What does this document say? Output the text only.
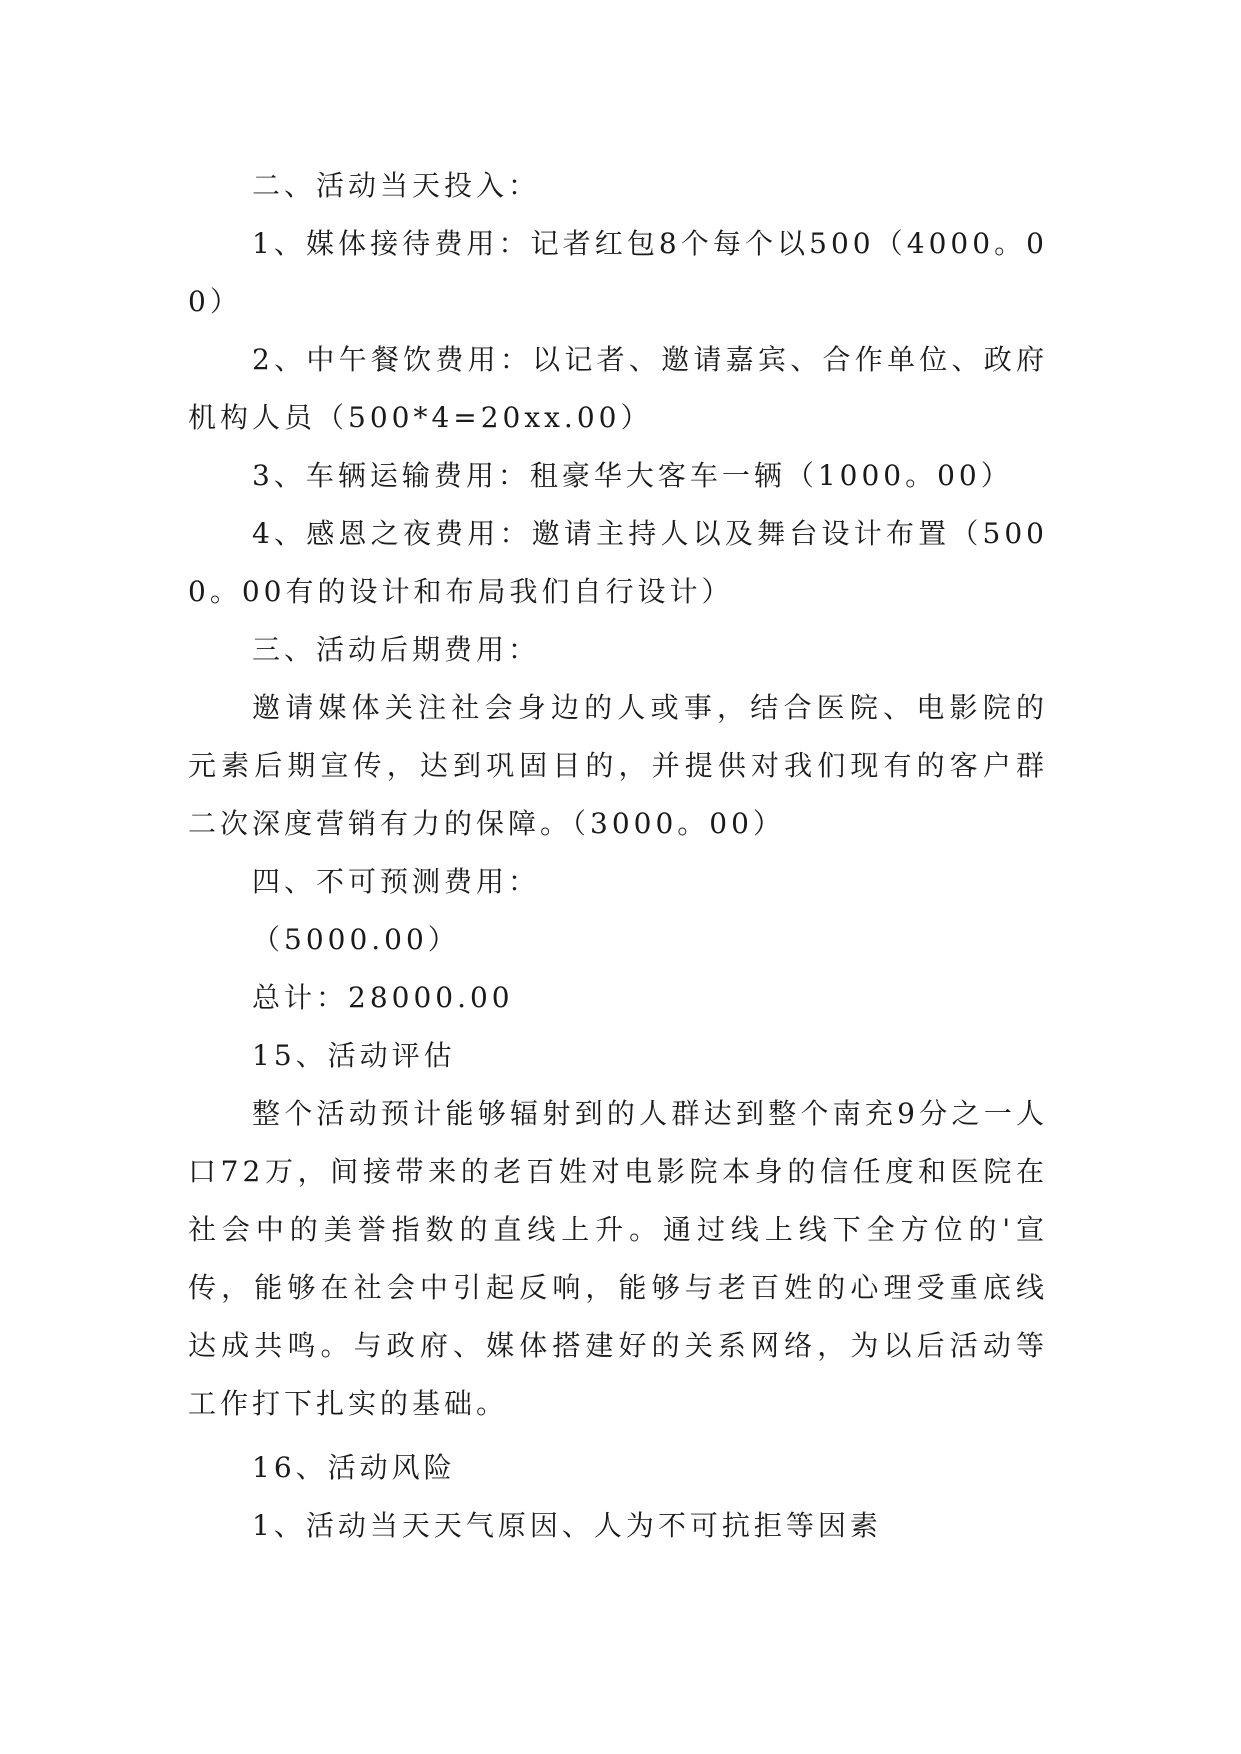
二、活动当天投入：

1、媒体接待费用：记者红包8个每个以500（4000。00）

2、中午餐饮费用：以记者、邀请嘉宾、合作单位、政府机构人员（500*4=20xx.00）

3、车辆运输费用：租豪华大客车一辆（1000。00）

4、感恩之夜费用：邀请主持人以及舞台设计布置（5000。00有的设计和布局我们自行设计）

三、活动后期费用：

邀请媒体关注社会身边的人或事，结合医院、电影院的元素后期宣传，达到巩固目的，并提供对我们现有的客户群二次深度营销有力的保障。（3000。00）

四、不可预测费用：

（5000.00）

总计：28000.00

15、活动评估

整个活动预计能够辐射到的人群达到整个南充9分之一人口72万，间接带来的老百姓对电影院本身的信任度和医院在社会中的美誉指数的直线上升。通过线上线下全方位的'宣传，能够在社会中引起反响，能够与老百姓的心理受重底线达成共鸣。与政府、媒体搭建好的关系网络，为以后活动等工作打下扎实的基础。

16、活动风险

1、活动当天天气原因、人为不可抗拒等因素
